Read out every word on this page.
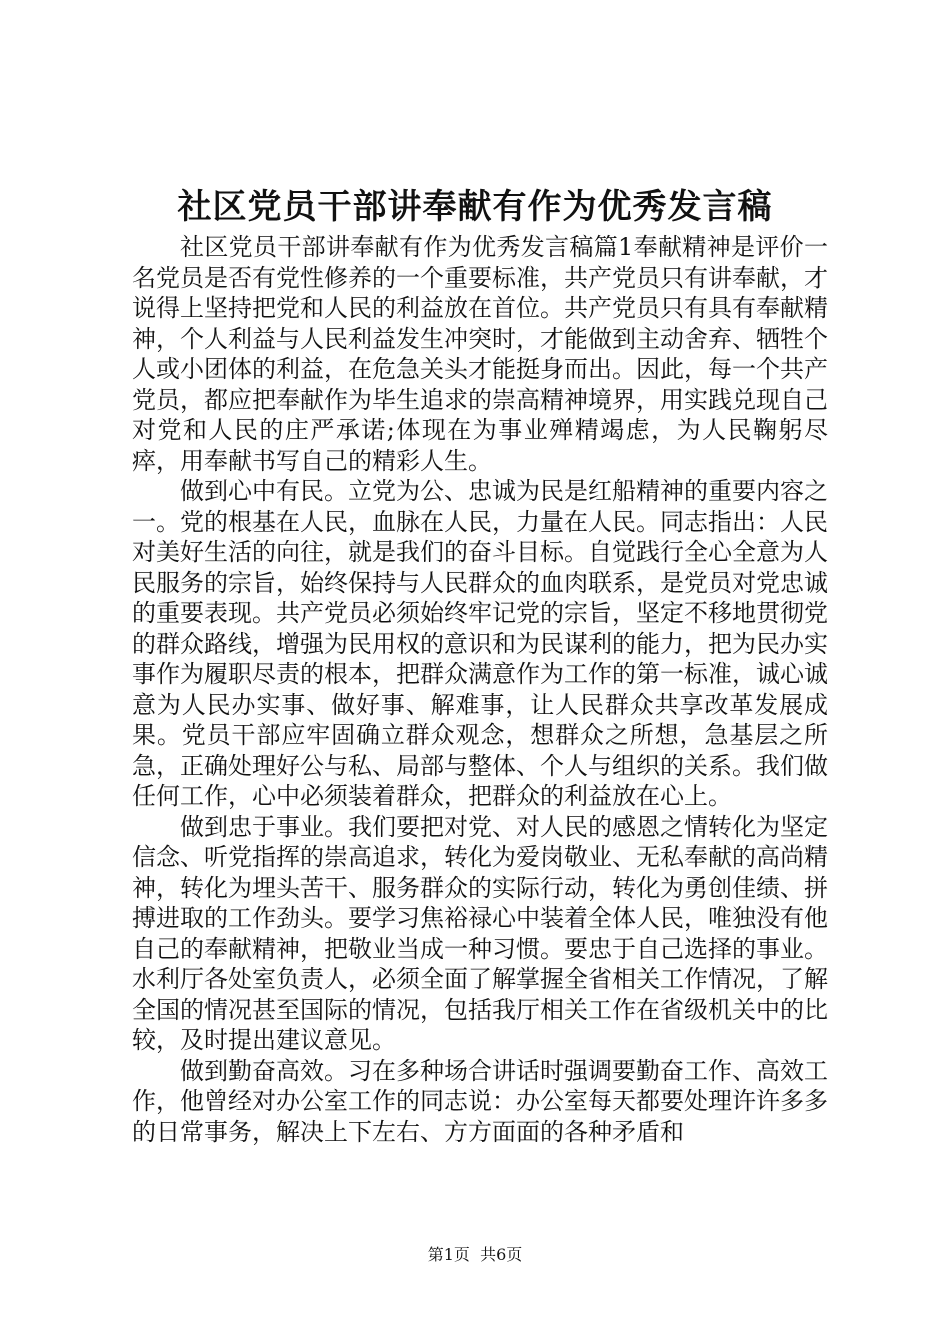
社区党员干部讲奉献有作为优秀发言稿

社区党员干部讲奉献有作为优秀发言稿篇1奉献精神是评价一名党员是否有党性修养的一个重要标准，共产党员只有讲奉献，才说得上坚持把党和人民的利益放在首位。共产党员只有具有奉献精神，个人利益与人民利益发生冲突时，才能做到主动舍弃、牺牲个人或小团体的利益，在危急关头才能挺身而出。因此，每一个共产党员，都应把奉献作为毕生追求的崇高精神境界，用实践兑现自己对党和人民的庄严承诺;体现在为事业殚精竭虑，为人民鞠躬尽瘁，用奉献书写自己的精彩人生。

做到心中有民。立党为公、忠诚为民是红船精神的重要内容之一。党的根基在人民，血脉在人民，力量在人民。同志指出：人民对美好生活的向往，就是我们的奋斗目标。自觉践行全心全意为人民服务的宗旨，始终保持与人民群众的血肉联系，是党员对党忠诚的重要表现。共产党员必须始终牢记党的宗旨，坚定不移地贯彻党的群众路线，增强为民用权的意识和为民谋利的能力，把为民办实事作为履职尽责的根本，把群众满意作为工作的第一标准，诚心诚意为人民办实事、做好事、解难事，让人民群众共享改革发展成果。党员干部应牢固确立群众观念，想群众之所想，急基层之所急，正确处理好公与私、局部与整体、个人与组织的关系。我们做任何工作，心中必须装着群众，把群众的利益放在心上。

做到忠于事业。我们要把对党、对人民的感恩之情转化为坚定信念、听党指挥的崇高追求，转化为爱岗敬业、无私奉献的高尚精神，转化为埋头苦干、服务群众的实际行动，转化为勇创佳绩、拼搏进取的工作劲头。要学习焦裕禄心中装着全体人民，唯独没有他自己的奉献精神，把敬业当成一种习惯。要忠于自己选择的事业。水利厅各处室负责人，必须全面了解掌握全省相关工作情况，了解全国的情况甚至国际的情况，包括我厅相关工作在省级机关中的比较，及时提出建议意见。

做到勤奋高效。习在多种场合讲话时强调要勤奋工作、高效工作，他曾经对办公室工作的同志说：办公室每天都要处理许许多多的日常事务，解决上下左右、方方面面的各种矛盾和

第1页 共6页
